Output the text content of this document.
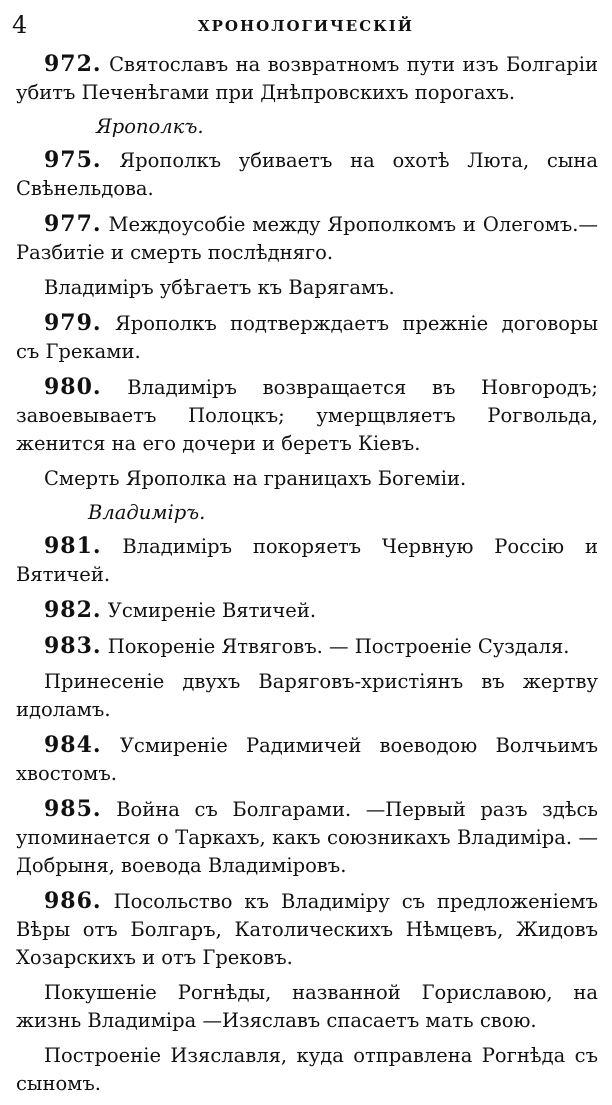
4	ХРОНОЛОГИЧЕСКІЙ

972. Святославъ на возвратномъ пути изъ Болгаріи убитъ Печенѣгами при Днѣпровскихъ порогахъ.

Ярополкъ.

975. Ярополкъ убиваетъ на охотѣ Люта, сына Свѣнельдова.

977. Междоусобіе между Ярополкомъ и Олегомъ.— Разбитіе и смерть послѣдняго.

Владиміръ убѣгаетъ къ Варягамъ.

979. Ярополкъ подтверждаетъ прежніе договоры съ Греками.

980. Владиміръ возвращается въ Новгородъ; завоевываетъ Полоцкъ; умерщвляетъ Рогвольда, женится на его дочери и беретъ Кіевъ.

Смерть Ярополка на границахъ Богеміи.

Владиміръ.

981. Владиміръ покоряетъ Червную Россію и Вятичей.

982. Усмиреніе Вятичей.

983. Покореніе Ятвяговъ. — Построеніе Суздаля.

Принесеніе двухъ Варяговъ-христіянъ въ жертву идоламъ.

984. Усмиреніе Радимичей воеводою Волчьимъ хвостомъ.

985. Война съ Болгарами. —Первый разъ здѣсь упоминается о Таркахъ, какъ союзникахъ Владиміра. — Добрыня, воевода Владиміровъ.

986. Посольство къ Владиміру съ предложеніемъ Вѣры отъ Болгаръ, Католическихъ Нѣмцевъ, Жидовъ Хозарскихъ и отъ Грековъ.

Покушеніе Рогнѣды, названной Гориславою, на жизнь Владиміра —Изяславъ спасаетъ мать свою.

Построеніе Изяславля, куда отправлена Рогнѣда съ сыномъ.
